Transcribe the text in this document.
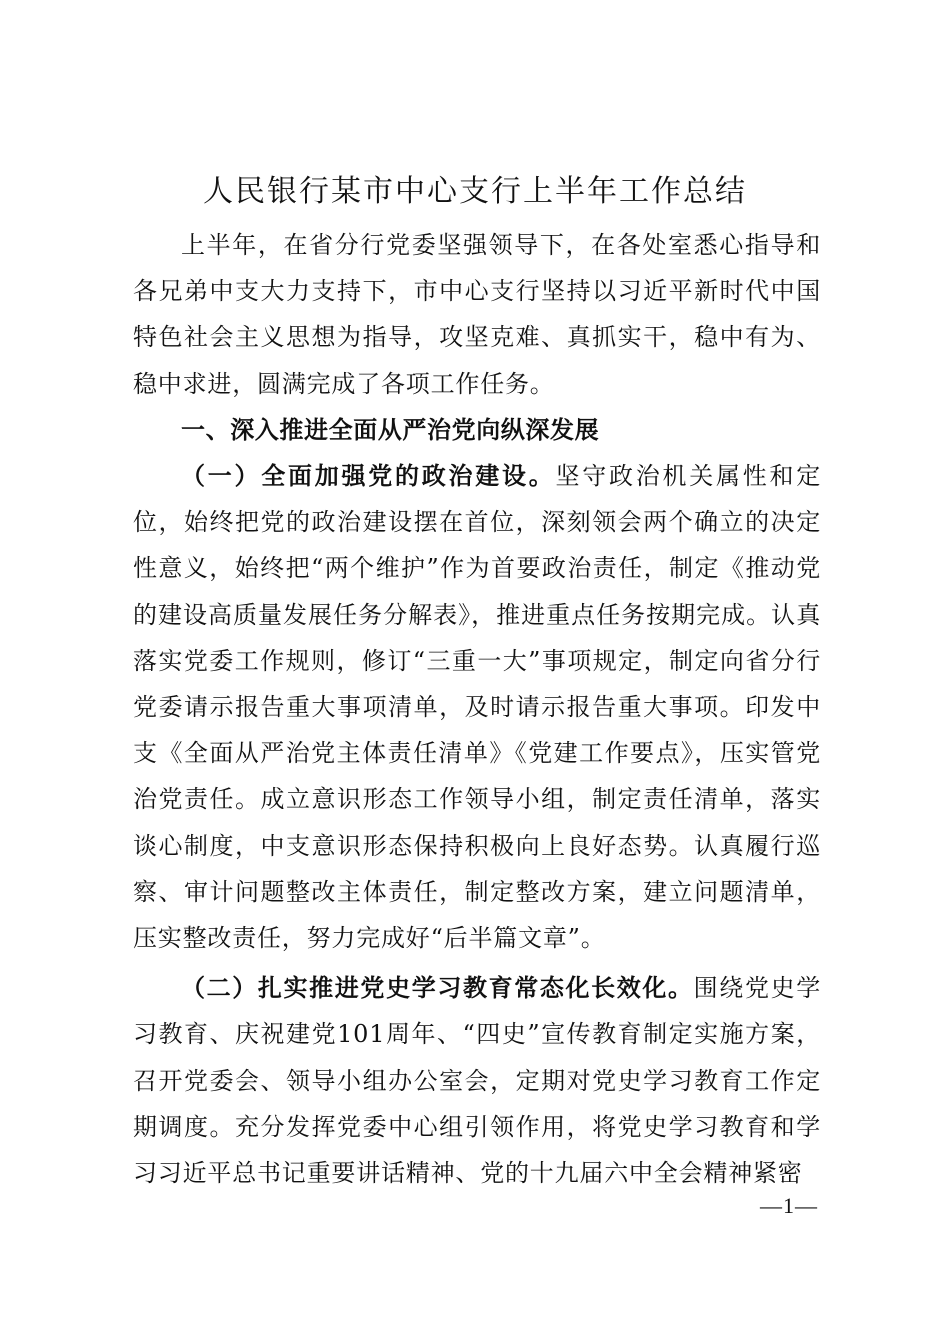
人民银行某市中心支行上半年工作总结

上半年，在省分行党委坚强领导下，在各处室悉心指导和各兄弟中支大力支持下，市中心支行坚持以习近平新时代中国特色社会主义思想为指导，攻坚克难、真抓实干，稳中有为、稳中求进，圆满完成了各项工作任务。

一、深入推进全面从严治党向纵深发展

（一）全面加强党的政治建设。坚守政治机关属性和定位，始终把党的政治建设摆在首位，深刻领会两个确立的决定性意义，始终把“两个维护”作为首要政治责任，制定《推动党的建设高质量发展任务分解表》，推进重点任务按期完成。认真落实党委工作规则，修订“三重一大”事项规定，制定向省分行党委请示报告重大事项清单，及时请示报告重大事项。印发中支《全面从严治党主体责任清单》《党建工作要点》，压实管党治党责任。成立意识形态工作领导小组，制定责任清单，落实谈心制度，中支意识形态保持积极向上良好态势。认真履行巡察、审计问题整改主体责任，制定整改方案，建立问题清单，压实整改责任，努力完成好“后半篇文章”。

（二）扎实推进党史学习教育常态化长效化。围绕党史学习教育、庆祝建党101周年、“四史”宣传教育制定实施方案，召开党委会、领导小组办公室会，定期对党史学习教育工作定期调度。充分发挥党委中心组引领作用，将党史学习教育和学习习近平总书记重要讲话精神、党的十九届六中全会精神紧密

—1—
